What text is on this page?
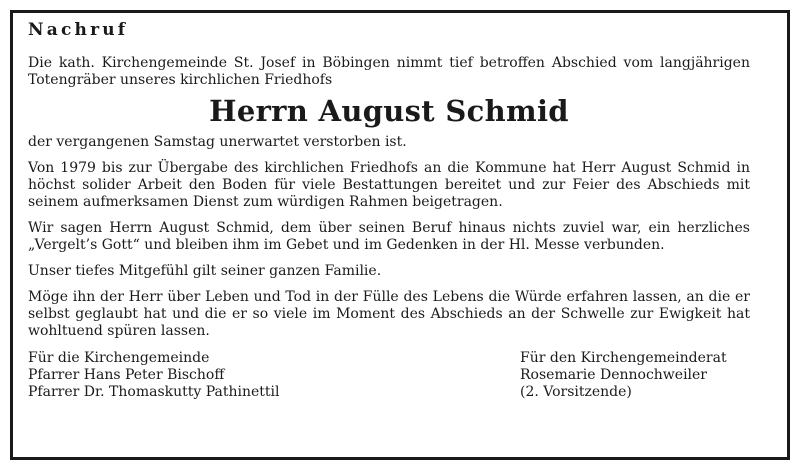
Nachruf

Die kath. Kirchengemeinde St. Josef in Böbingen nimmt tief betroffen Abschied vom langjährigen Totengräber unseres kirchlichen Friedhofs

Herrn August Schmid

der vergangenen Samstag unerwartet verstorben ist.

Von 1979 bis zur Übergabe des kirchlichen Friedhofs an die Kommune hat Herr August Schmid in höchst solider Arbeit den Boden für viele Bestattungen bereitet und zur Feier des Abschieds mit seinem aufmerksamen Dienst zum würdigen Rahmen beigetragen.

Wir sagen Herrn August Schmid, dem über seinen Beruf hinaus nichts zuviel war, ein herzliches „Vergelt’s Gott“ und bleiben ihm im Gebet und im Gedenken in der Hl. Messe verbunden.

Unser tiefes Mitgefühl gilt seiner ganzen Familie.

Möge ihn der Herr über Leben und Tod in der Fülle des Lebens die Würde erfahren lassen, an die er selbst geglaubt hat und die er so viele im Moment des Abschieds an der Schwelle zur Ewigkeit hat wohltuend spüren lassen.

Für die Kirchengemeinde
Pfarrer Hans Peter Bischoff
Pfarrer Dr. Thomaskutty Pathinettil
Für den Kirchengemeinderat
Rosemarie Dennochweiler
(2. Vorsitzende)
